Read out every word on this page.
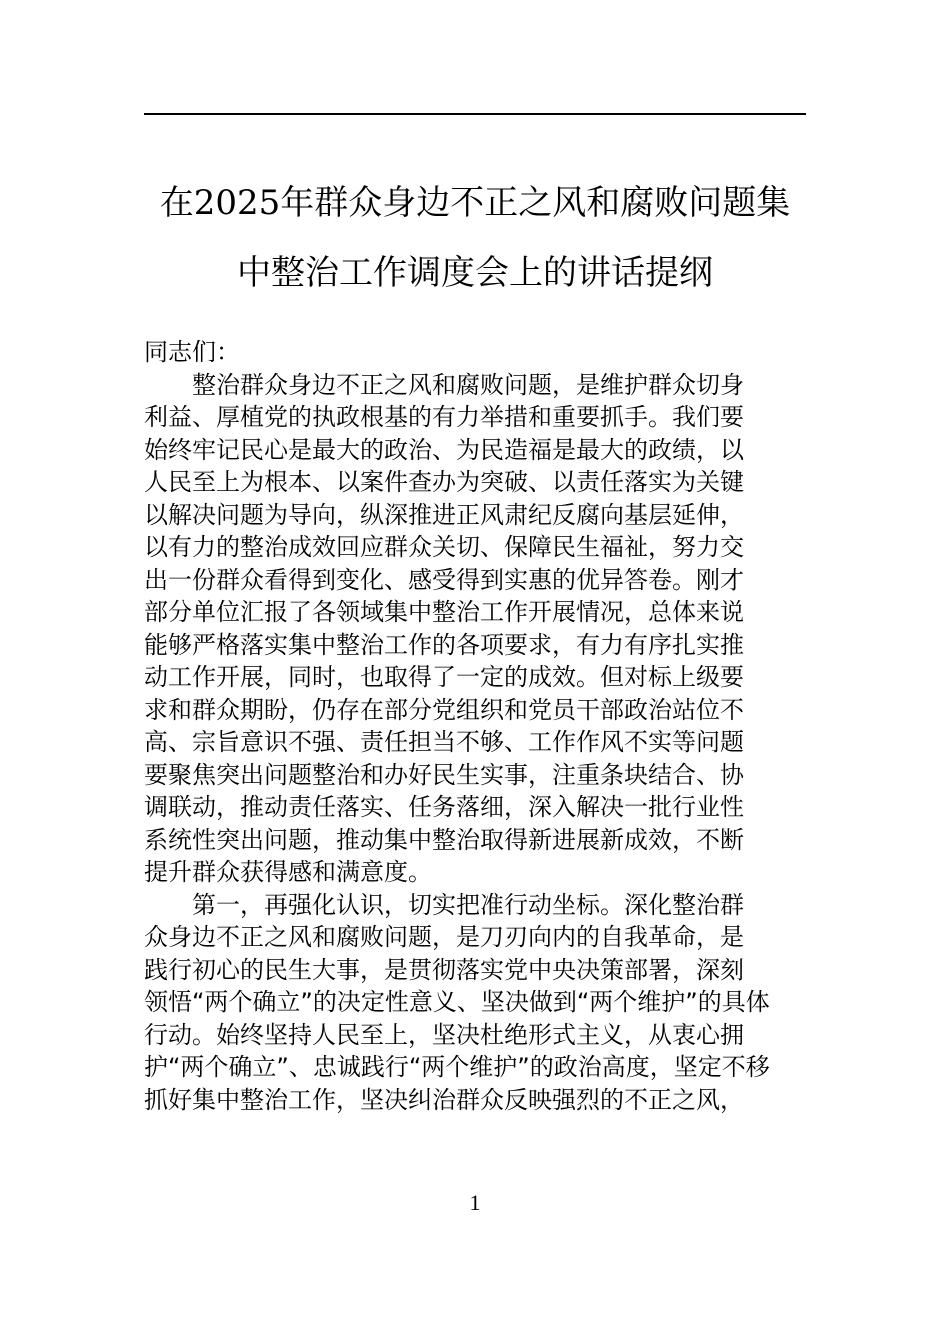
在2025年群众身边不正之风和腐败问题集
中整治工作调度会上的讲话提纲

同志们：

整治群众身边不正之风和腐败问题，是维护群众切身
利益、厚植党的执政根基的有力举措和重要抓手。我们要
始终牢记民心是最大的政治、为民造福是最大的政绩，以
人民至上为根本、以案件查办为突破、以责任落实为关键
以解决问题为导向，纵深推进正风肃纪反腐向基层延伸，
以有力的整治成效回应群众关切、保障民生福祉，努力交
出一份群众看得到变化、感受得到实惠的优异答卷。刚才
部分单位汇报了各领域集中整治工作开展情况，总体来说
能够严格落实集中整治工作的各项要求，有力有序扎实推
动工作开展，同时，也取得了一定的成效。但对标上级要
求和群众期盼，仍存在部分党组织和党员干部政治站位不
高、宗旨意识不强、责任担当不够、工作作风不实等问题
要聚焦突出问题整治和办好民生实事，注重条块结合、协
调联动，推动责任落实、任务落细，深入解决一批行业性
系统性突出问题，推动集中整治取得新进展新成效，不断
提升群众获得感和满意度。

第一，再强化认识，切实把准行动坐标。深化整治群
众身边不正之风和腐败问题，是刀刃向内的自我革命，是
践行初心的民生大事，是贯彻落实党中央决策部署，深刻
领悟“两个确立”的决定性意义、坚决做到“两个维护”的具体
行动。始终坚持人民至上，坚决杜绝形式主义，从衷心拥
护“两个确立”、忠诚践行“两个维护”的政治高度，坚定不移
抓好集中整治工作，坚决纠治群众反映强烈的不正之风，

1
